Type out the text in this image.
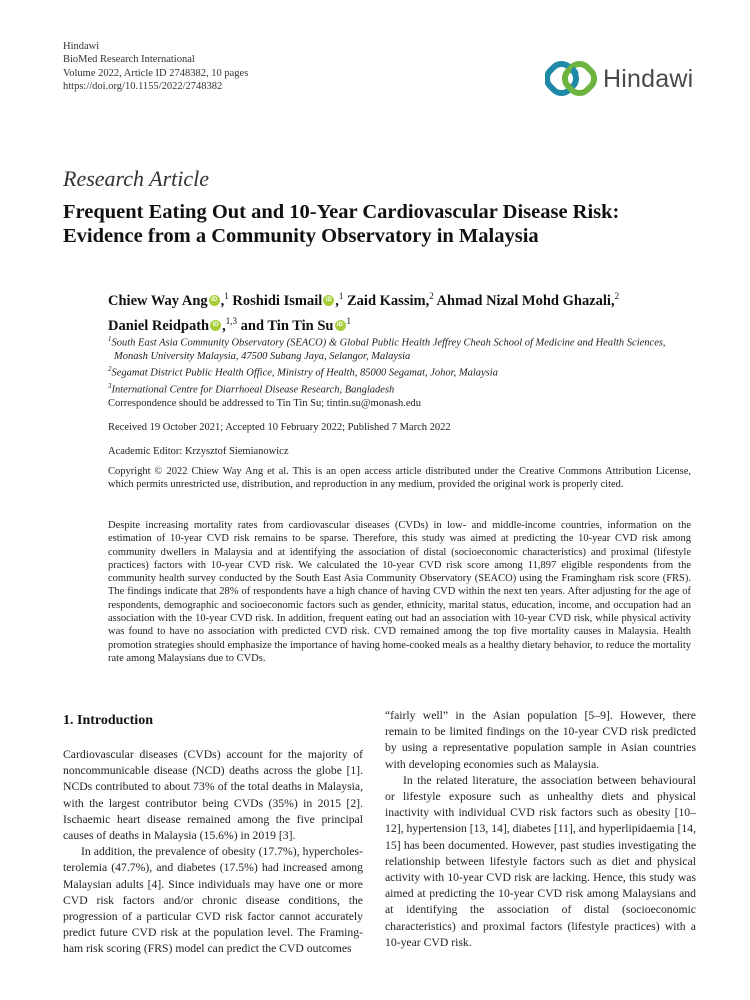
Hindawi
BioMed Research International
Volume 2022, Article ID 2748382, 10 pages
https://doi.org/10.1155/2022/2748382	Hindawi
Research Article
Frequent Eating Out and 10-Year Cardiovascular Disease Risk:
Evidence from a Community Observatory in Malaysia
Chiew Way Ang iD ,$^1$ Roshidi Ismail iD ,$^1$ Zaid Kassim,$^2$ Ahmad Nizal Mohd Ghazali,$^2$
Daniel Reidpath iD ,$^{1,3}$ and Tin Tin Su iD $^1$
$^1$South East Asia Community Observatory (SEACO) & Global Public Health Jeffrey Cheah School of Medicine and Health Sciences,
Monash University Malaysia, 47500 Subang Jaya, Selangor, Malaysia
$^2$Segamat District Public Health Office, Ministry of Health, 85000 Segamat, Johor, Malaysia
$^3$International Centre for Diarrhoeal Disease Research, Bangladesh
Correspondence should be addressed to Tin Tin Su; tintin.su@monash.edu
Received 19 October 2021; Accepted 10 February 2022; Published 7 March 2022
Academic Editor: Krzysztof Siemianowicz
Copyright © 2022 Chiew Way Ang et al. This is an open access article distributed under the Creative Commons Attribution License, which permits unrestricted use, distribution, and reproduction in any medium, provided the original work is properly cited.
Despite increasing mortality rates from cardiovascular diseases (CVDs) in low- and middle-income countries, information on the estimation of 10-year CVD risk remains to be sparse. Therefore, this study was aimed at predicting the 10-year CVD risk among community dwellers in Malaysia and at identifying the association of distal (socioeconomic characteristics) and proximal (lifestyle practices) factors with 10-year CVD risk. We calculated the 10-year CVD risk score among 11,897 eligible respondents from the community health survey conducted by the South East Asia Community Observatory (SEACO) using the Framingham risk score (FRS). The findings indicate that 28% of respondents have a high chance of having CVD within the next ten years. After adjusting for the age of respondents, demographic and socioeconomic factors such as gender, ethnicity, marital status, education, income, and occupation had an association with the 10-year CVD risk. In addition, frequent eating out had an association with 10-year CVD risk, while physical activity was found to have no association with predicted CVD risk. CVD remained among the top five mortality causes in Malaysia. Health promotion strategies should emphasize the importance of having home-cooked meals as a healthy dietary behavior, to reduce the mortality rate among Malaysians due to CVDs.
1. Introduction

Cardiovascular diseases (CVDs) account for the majority of noncommunicable disease (NCD) deaths across the globe [1]. NCDs contributed to about 73% of the total deaths in Malaysia, with the largest contributor being CVDs (35%) in 2015 [2]. Ischaemic heart disease remained among the five principal causes of deaths in Malaysia (15.6%) in 2019 [3].

In addition, the prevalence of obesity (17.7%), hypercholesterolemia (47.7%), and diabetes (17.5%) had increased among Malaysian adults [4]. Since individuals may have one or more CVD risk factors and/or chronic disease conditions, the progression of a particular CVD risk factor cannot accurately predict future CVD risk at the population level. The Framingham risk scoring (FRS) model can predict the CVD outcomes

“fairly well” in the Asian population [5–9]. However, there remain to be limited findings on the 10-year CVD risk predicted by using a representative population sample in Asian countries with developing economies such as Malaysia.

In the related literature, the association between behavioural or lifestyle exposure such as unhealthy diets and physical inactivity with individual CVD risk factors such as obesity [10–12], hypertension [13, 14], diabetes [11], and hyperlipidaemia [14, 15] has been documented. However, past studies investigating the relationship between lifestyle factors such as diet and physical activity with 10-year CVD risk are lacking. Hence, this study was aimed at predicting the 10-year CVD risk among Malaysians and at identifying the association of distal (socioeconomic characteristics) and proximal factors (lifestyle practices) with a 10-year CVD risk.
